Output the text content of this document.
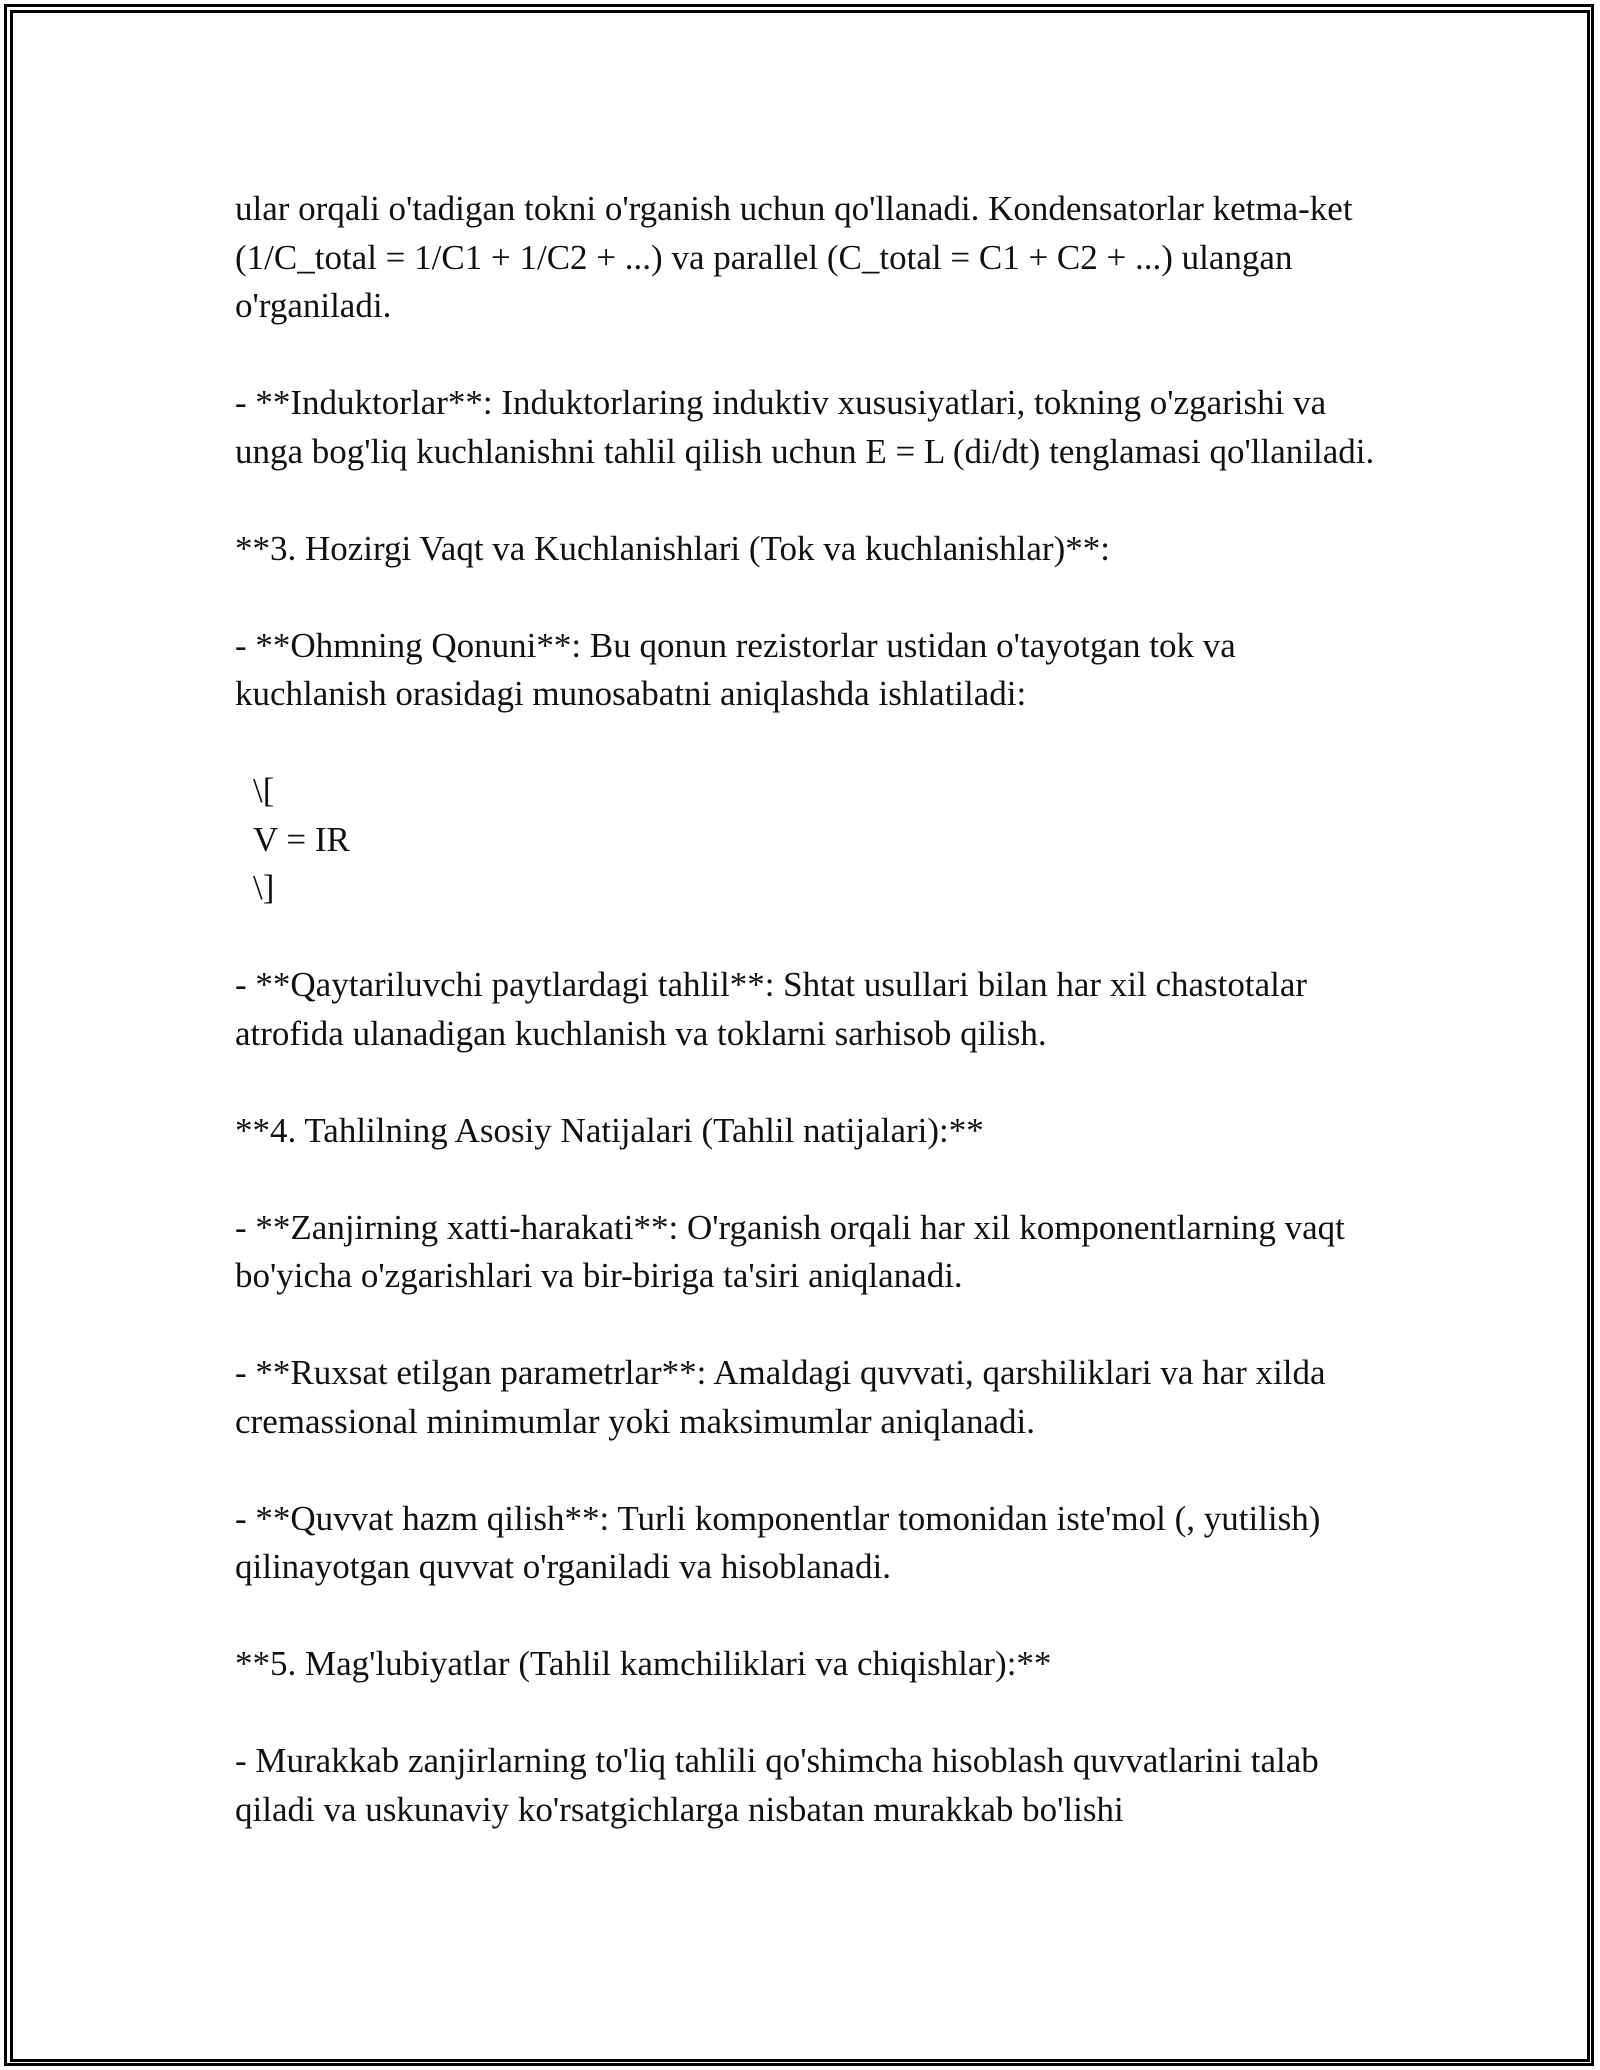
ular orqali o'tadigan tokni o'rganish uchun qo'llanadi. Kondensatorlar ketma-ket (1/C_total = 1/C1 + 1/C2 + ...) va parallel (C_total = C1 + C2 + ...) ulangan o'rganiladi.

- **Induktorlar**: Induktorlaring induktiv xususiyatlari, tokning o'zgarishi va unga bog'liq kuchlanishni tahlil qilish uchun E = L (di/dt) tenglamasi qo'llaniladi.

**3. Hozirgi Vaqt va Kuchlanishlari (Tok va kuchlanishlar)**:

- **Ohmning Qonuni**: Bu qonun rezistorlar ustidan o'tayotgan tok va kuchlanish orasidagi munosabatni aniqlashda ishlatiladi:

\[
V = IR
\]

- **Qaytariluvchi paytlardagi tahlil**: Shtat usullari bilan har xil chastotalar atrofida ulanadigan kuchlanish va toklarni sarhisob qilish.

**4. Tahlilning Asosiy Natijalari (Tahlil natijalari):**

- **Zanjirning xatti-harakati**: O'rganish orqali har xil komponentlarning vaqt bo'yicha o'zgarishlari va bir-biriga ta'siri aniqlanadi.

- **Ruxsat etilgan parametrlar**: Amaldagi quvvati, qarshiliklari va har xilda cremassional minimumlar yoki maksimumlar aniqlanadi.

- **Quvvat hazm qilish**: Turli komponentlar tomonidan iste'mol (, yutilish) qilinayotgan quvvat o'rganiladi va hisoblanadi.

**5. Mag'lubiyatlar (Tahlil kamchiliklari va chiqishlar):**

- Murakkab zanjirlarning to'liq tahlili qo'shimcha hisoblash quvvatlarini talab qiladi va uskunaviy ko'rsatgichlarga nisbatan murakkab bo'lishi
